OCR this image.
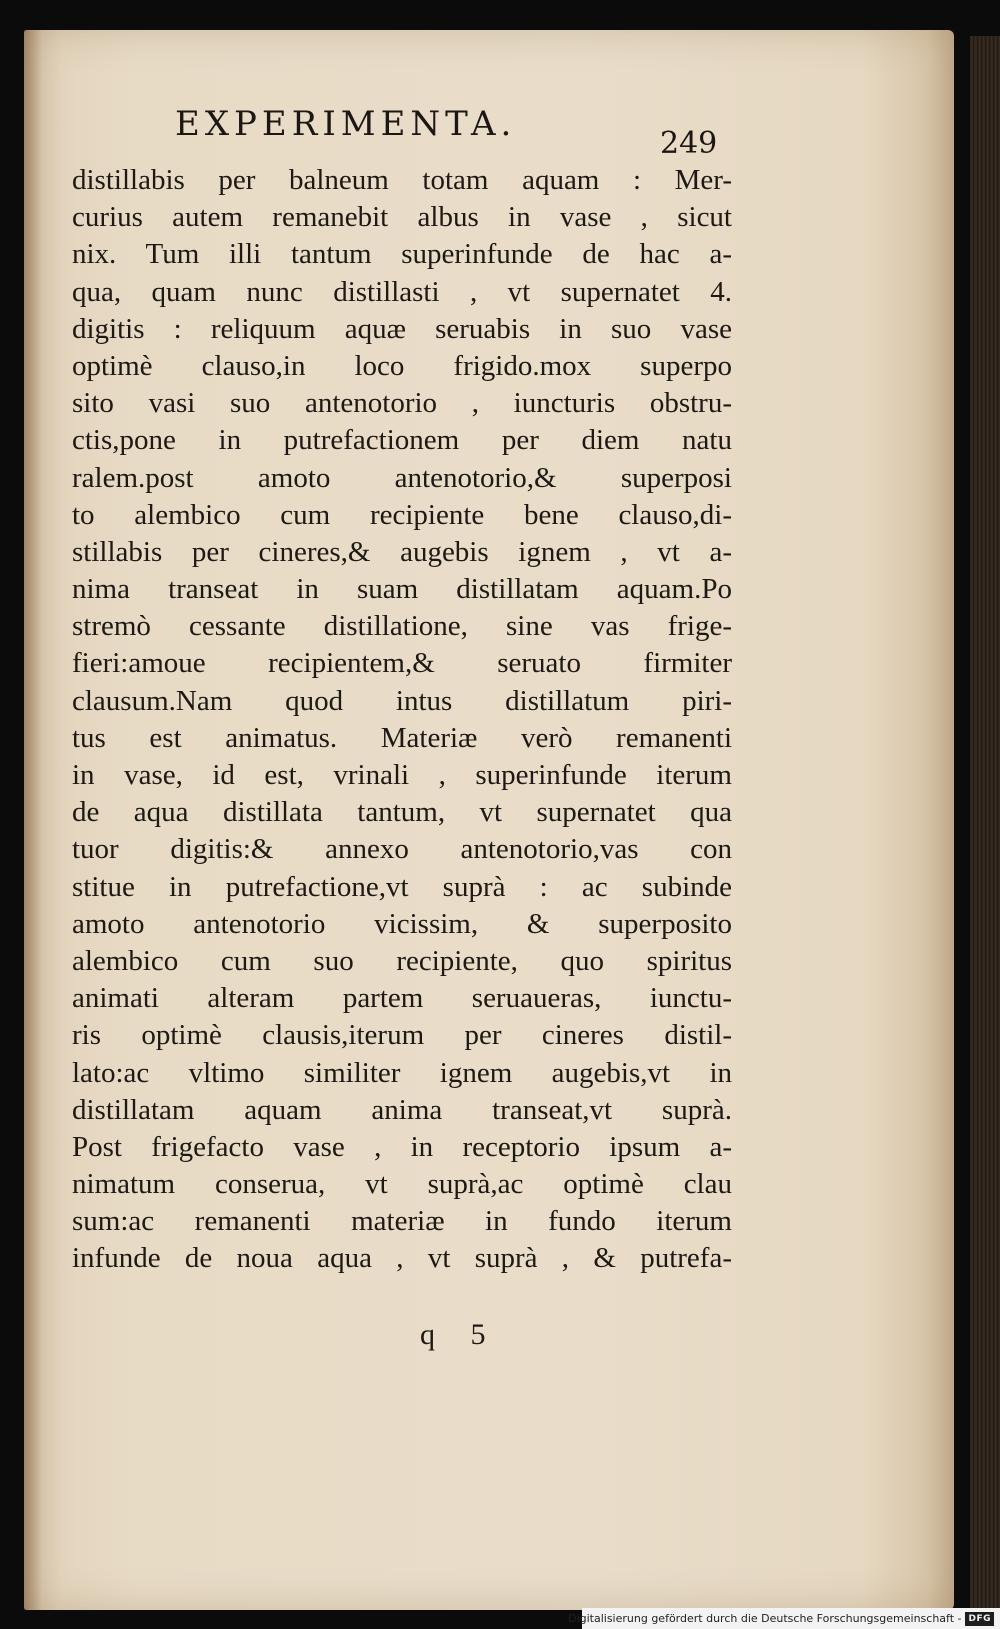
EXPERIMENTA.	249
distillabis per balneum totam aquam : Mer-
curius autem remanebit albus in vase , sicut
nix. Tum illi tantum superinfunde de hac a-
qua, quam nunc distillasti , vt supernatet 4.
digitis : reliquum aquæ seruabis in suo vase
optimè clauso,in loco frigido.mox superpo
sito vasi suo antenotorio , iuncturis obstru-
ctis,pone in putrefactionem per diem natu
ralem.post amoto antenotorio,& superposi
to alembico cum recipiente bene clauso,di-
stillabis per cineres,& augebis ignem , vt a-
nima transeat in suam distillatam aquam.Po
stremò cessante distillatione, sine vas frige-
fieri:amoue recipientem,& seruato firmiter
clausum.Nam quod intus distillatum piri-
tus est animatus. Materiæ verò remanenti
in vase, id est, vrinali , superinfunde iterum
de aqua distillata tantum, vt supernatet qua
tuor digitis:& annexo antenotorio,vas con
stitue in putrefactione,vt suprà : ac subinde
amoto antenotorio vicissim, & superposito
alembico cum suo recipiente, quo spiritus
animati alteram partem seruaueras, iunctu-
ris optimè clausis,iterum per cineres distil-
lato:ac vltimo similiter ignem augebis,vt in
distillatam aquam anima transeat,vt suprà.
Post frigefacto vase , in receptorio ipsum a-
nimatum conserua, vt suprà,ac optimè clau
sum:ac remanenti materiæ in fundo iterum
infunde de noua aqua , vt suprà , & putrefa-
q 5
Digitalisierung gefördert durch die Deutsche Forschungsgemeinschaft - DFG
